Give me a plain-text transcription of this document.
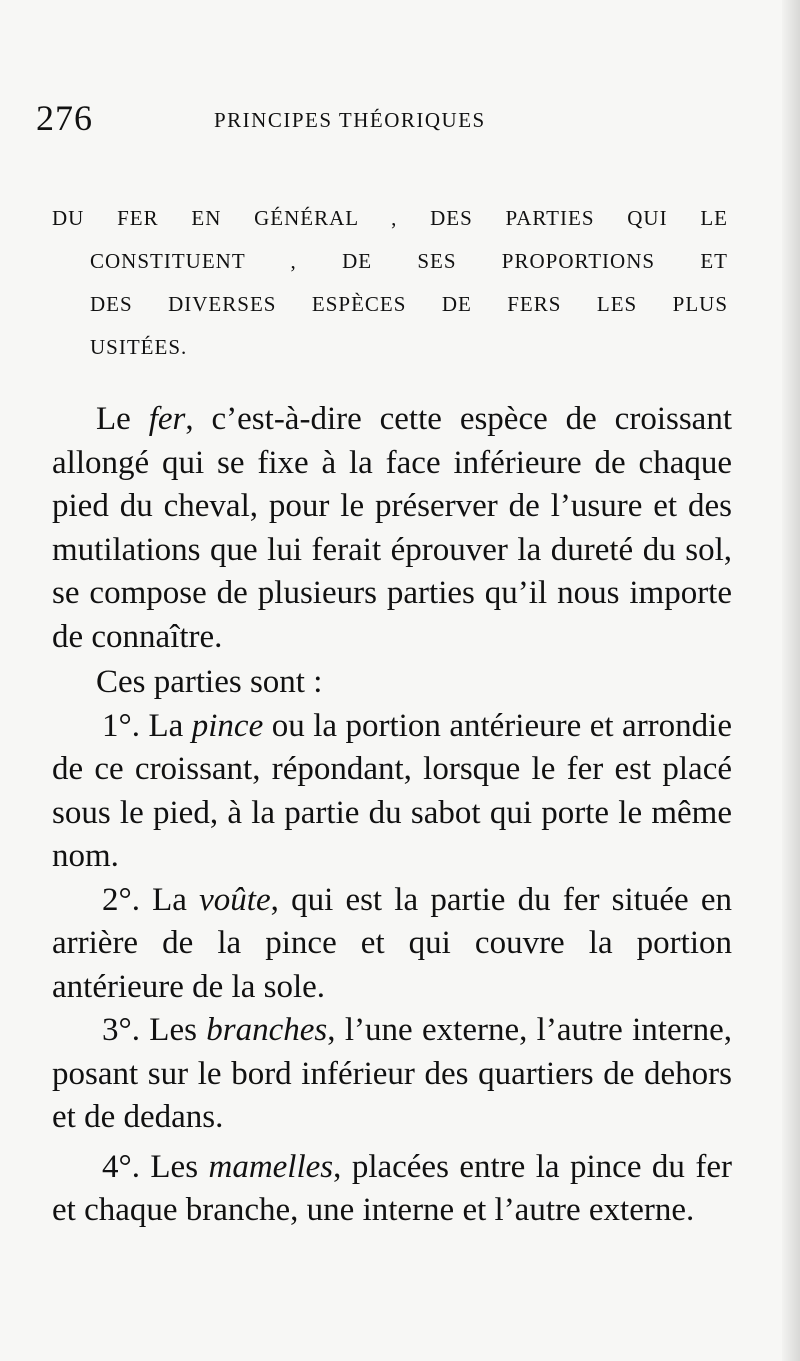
276	PRINCIPES THÉORIQUES
DU FER EN GÉNÉRAL , DES PARTIES QUI LE
CONSTITUENT , DE SES PROPORTIONS ET
DES DIVERSES ESPÈCES DE FERS LES PLUS
USITÉES.

Le fer, c’est-à-dire cette espèce de croissant allongé qui se fixe à la face inférieure de chaque pied du cheval, pour le préserver de l’usure et des mutilations que lui ferait éprouver la dureté du sol, se compose de plusieurs parties qu’il nous importe de connaître.

Ces parties sont :

1°. La pince ou la portion antérieure et arrondie de ce croissant, répondant, lorsque le fer est placé sous le pied, à la partie du sabot qui porte le même nom.

2°. La voûte, qui est la partie du fer située en arrière de la pince et qui couvre la portion antérieure de la sole.

3°. Les branches, l’une externe, l’autre interne, posant sur le bord inférieur des quartiers de dehors et de dedans.

4°. Les mamelles, placées entre la pince du fer et chaque branche, une interne et l’autre externe.
